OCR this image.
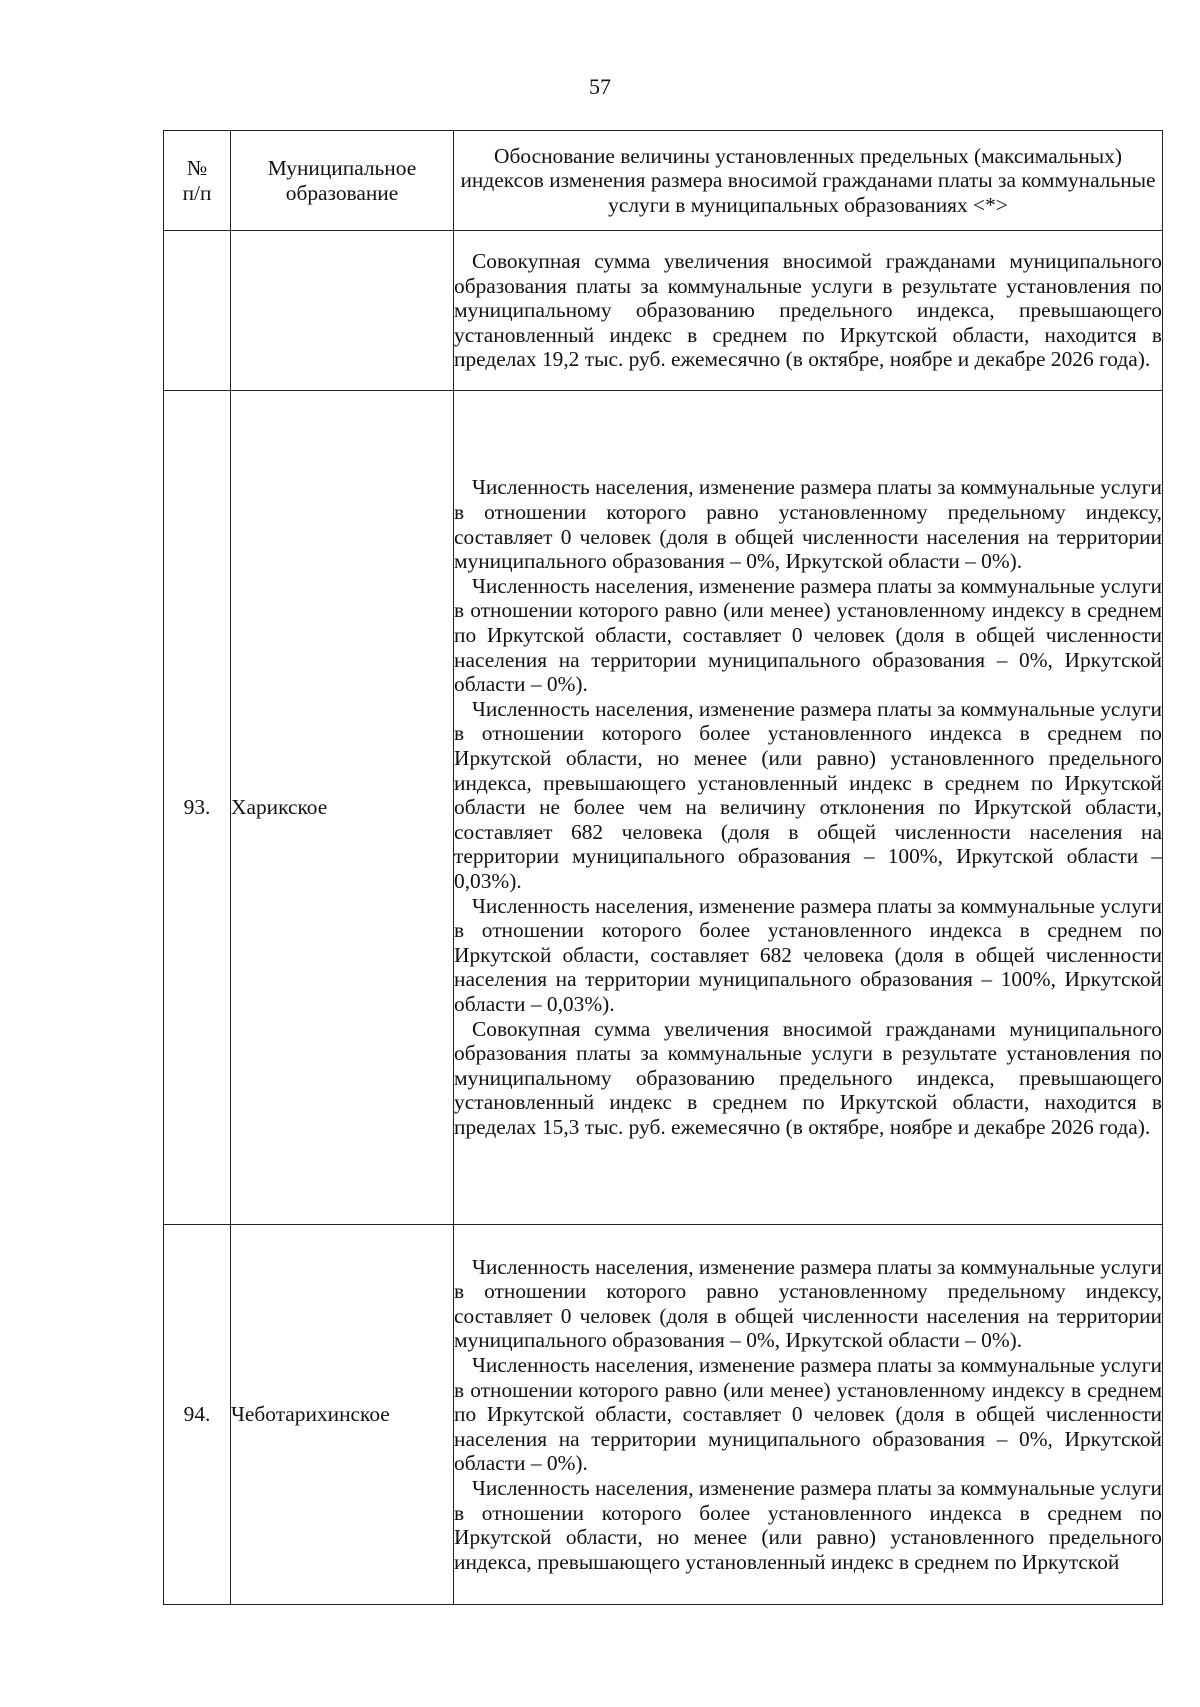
57
№ п/п	Муниципальное образование	Обоснование величины установленных предельных (максимальных) индексов изменения размера вносимой гражданами платы за коммунальные услуги в муниципальных образованиях <*>

		Совокупная сумма увеличения вносимой гражданами муниципального образования платы за коммунальные услуги в результате установления по муниципальному образованию предельного индекса, превышающего установленный индекс в среднем по Иркутской области, находится в пределах 19,2 тыс. руб. ежемесячно (в октябре, ноябре и декабре 2026 года).

93.	Харикское	Численность населения, изменение размера платы за коммунальные услуги в отношении которого равно установленному предельному индексу, составляет 0 человек (доля в общей численности населения на территории муниципального образования – 0%, Иркутской области – 0%).
Численность населения, изменение размера платы за коммунальные услуги в отношении которого равно (или менее) установленному индексу в среднем по Иркутской области, составляет 0 человек (доля в общей численности населения на территории муниципального образования – 0%, Иркутской области – 0%).
Численность населения, изменение размера платы за коммунальные услуги в отношении которого более установленного индекса в среднем по Иркутской области, но менее (или равно) установленного предельного индекса, превышающего установленный индекс в среднем по Иркутской области не более чем на величину отклонения по Иркутской области, составляет 682 человека (доля в общей численности населения на территории муниципального образования – 100%, Иркутской области – 0,03%).
Численность населения, изменение размера платы за коммунальные услуги в отношении которого более установленного индекса в среднем по Иркутской области, составляет 682 человека (доля в общей численности населения на территории муниципального образования – 100%, Иркутской области – 0,03%).
Совокупная сумма увеличения вносимой гражданами муниципального образования платы за коммунальные услуги в результате установления по муниципальному образованию предельного индекса, превышающего установленный индекс в среднем по Иркутской области, находится в пределах 15,3 тыс. руб. ежемесячно (в октябре, ноябре и декабре 2026 года).

94.	Чеботарихинское	Численность населения, изменение размера платы за коммунальные услуги в отношении которого равно установленному предельному индексу, составляет 0 человек (доля в общей численности населения на территории муниципального образования – 0%, Иркутской области – 0%).
Численность населения, изменение размера платы за коммунальные услуги в отношении которого равно (или менее) установленному индексу в среднем по Иркутской области, составляет 0 человек (доля в общей численности населения на территории муниципального образования – 0%, Иркутской области – 0%).
Численность населения, изменение размера платы за коммунальные услуги в отношении которого более установленного индекса в среднем по Иркутской области, но менее (или равно) установленного предельного индекса, превышающего установленный индекс в среднем по Иркутской
